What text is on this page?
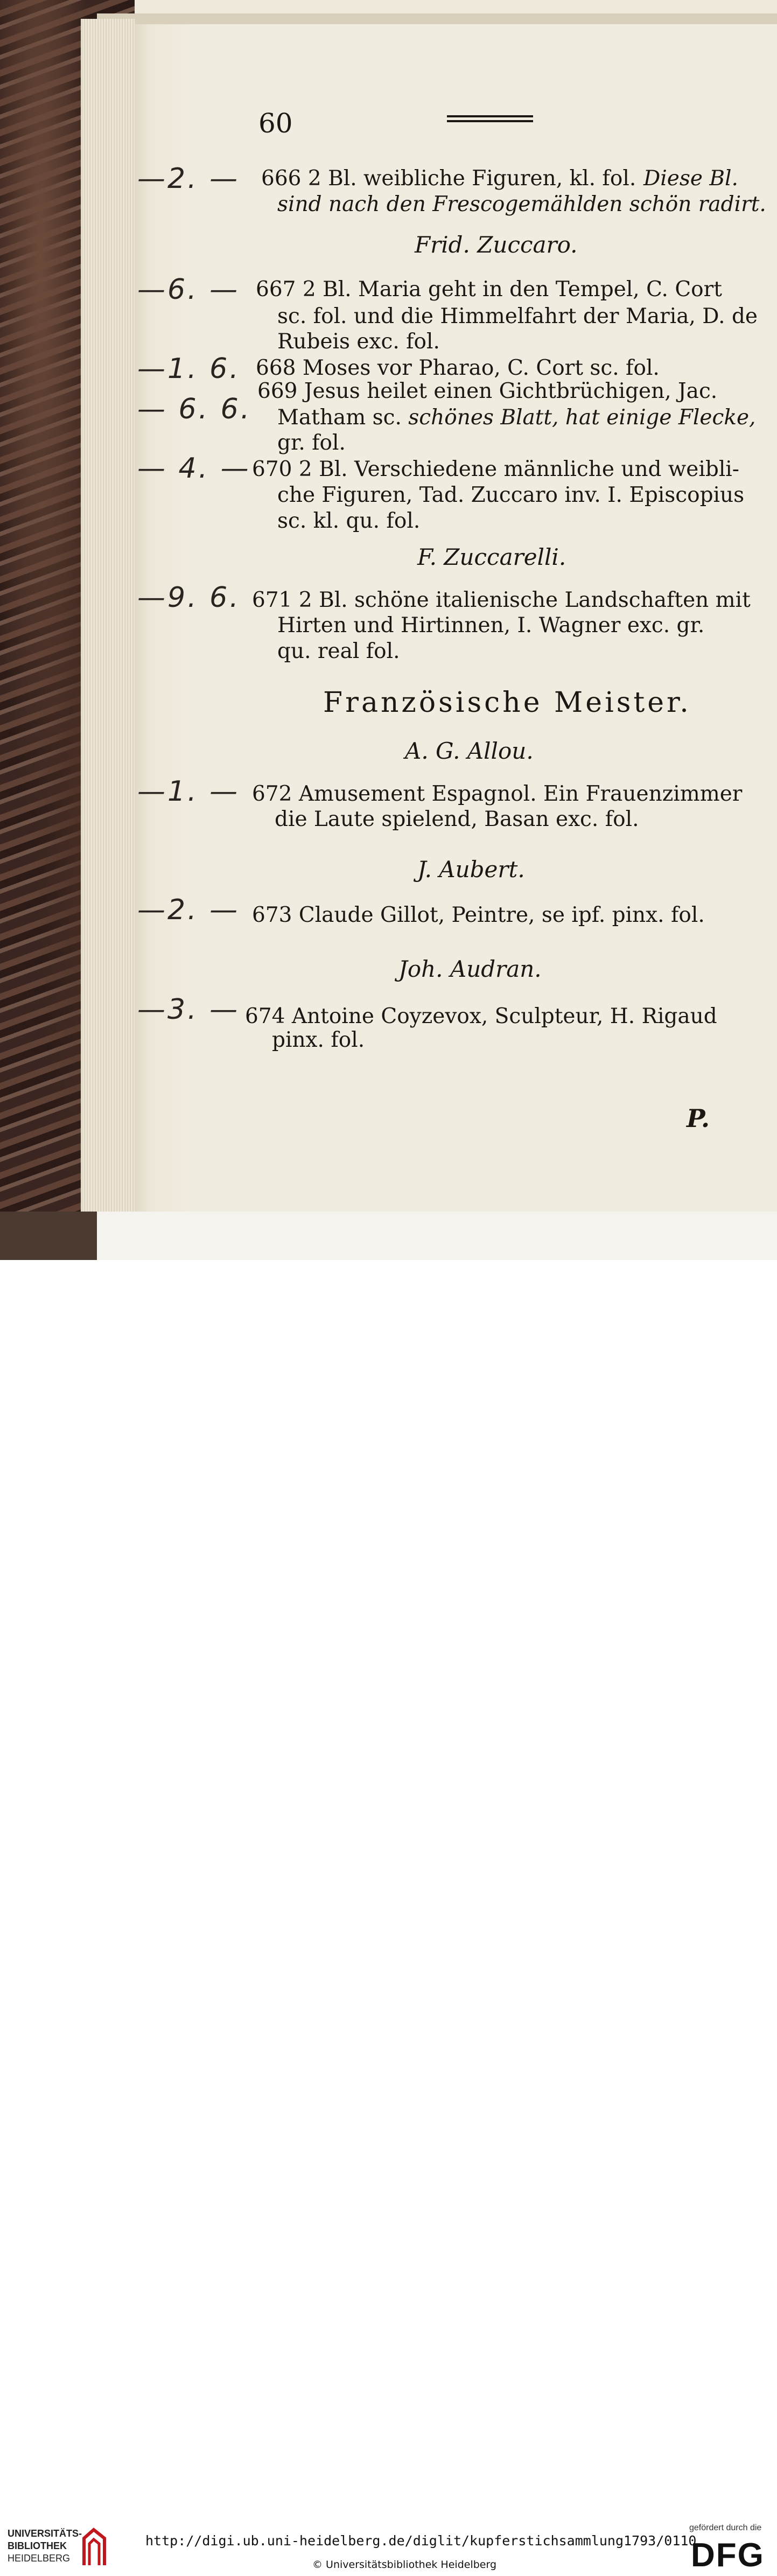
60
—2. — 666 2 Bl. weibliche Figuren, kl. fol. Diese Bl.
sind nach den Frescogemählden schön radirt.
Frid. Zuccaro.
—6. — 667 2 Bl. Maria geht in den Tempel, C. Cort
sc. fol. und die Himmelfahrt der Maria, D. de
Rubeis exc. fol.
—1. 6. 668 Moses vor Pharao, C. Cort sc. fol.
— 6. 6.
669 Jesus heilet einen Gichtbrüchigen, Jac.
Matham sc. schönes Blatt, hat einige Flecke,
gr. fol.
— 4. — 670 2 Bl. Verschiedene männliche und weibli-
che Figuren, Tad. Zuccaro inv. I. Episcopius
sc. kl. qu. fol.
F. Zuccarelli.
—9. 6. 671 2 Bl. schöne italienische Landschaften mit
Hirten und Hirtinnen, I. Wagner exc. gr.
qu. real fol.
Französische Meister.
A. G. Allou.
—1. — 672 Amusement Espagnol. Ein Frauenzimmer
die Laute spielend, Basan exc. fol.
J. Aubert.
—2. — 673 Claude Gillot, Peintre, se ipf. pinx. fol.
Joh. Audran.
—3. — 674 Antoine Coyzevox, Sculpteur, H. Rigaud
pinx. fol.
P.
UNIVERSITÄTS-
BIBLIOTHEK
HEIDELBERG
http://digi.ub.uni-heidelberg.de/diglit/kupferstichsammlung1793/0110
© Universitätsbibliothek Heidelberg
gefördert durch die
DFG
